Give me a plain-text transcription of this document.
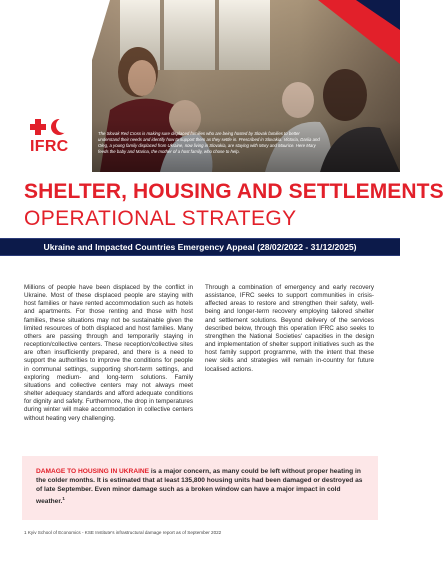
IFRC

The Slovak Red Cross is making sure displaced families who are being hosted by Slovak families to better understand their needs and identify how to support them as they settle in. Prescribed in Slovakia. Victoria, Dariia and Oleg, a young family displaced from Ukraine, now living in Slovakia, are staying with Mary and Maurice. Here Mary feeds the baby and Marina, the mother of a host family, who chose to help.

SHELTER, HOUSING AND SETTLEMENTS
OPERATIONAL STRATEGY
Ukraine and Impacted Countries Emergency Appeal (28/02/2022 - 31/12/2025)

Millions of people have been displaced by the conflict in Ukraine. Most of these displaced people are staying with host families or have rented accommodation such as hotels and apartments. For those renting and those with host families, these situations may not be sustainable given the limited resources of both displaced and host families. Many others are passing through and temporarily staying in reception/collective centers. These reception/collective sites are often insufficiently prepared, and there is a need to support the authorities to improve the conditions for people in communal settings, supporting short-term settings, and exploring medium- and long-term solutions. Family situations and collective centers may not always meet shelter adequacy standards and afford adequate conditions for dignity and safety. Furthermore, the drop in temperatures during winter will make accommodation in collective centers without heating very challenging.

Through a combination of emergency and early recovery assistance, IFRC seeks to support communities in crisis-affected areas to restore and strengthen their safety, well-being and longer-term recovery employing tailored shelter and settlement solutions. Beyond delivery of the services described below, through this operation IFRC also seeks to strengthen the National Societies' capacities in the design and implementation of shelter support initiatives such as the host family support programme, with the intent that these new skills and strategies will remain in-country for future localised actions.

DAMAGE TO HOUSING IN UKRAINE is a major concern, as many could be left without proper heating in the colder months. It is estimated that at least 135,800 housing units had been damaged or destroyed as of late September. Even minor damage such as a broken window can have a major impact in cold weather.$^1$

1 Kyiv School of Economics - KSE Institute's infrastructural damage report as of September 2022
